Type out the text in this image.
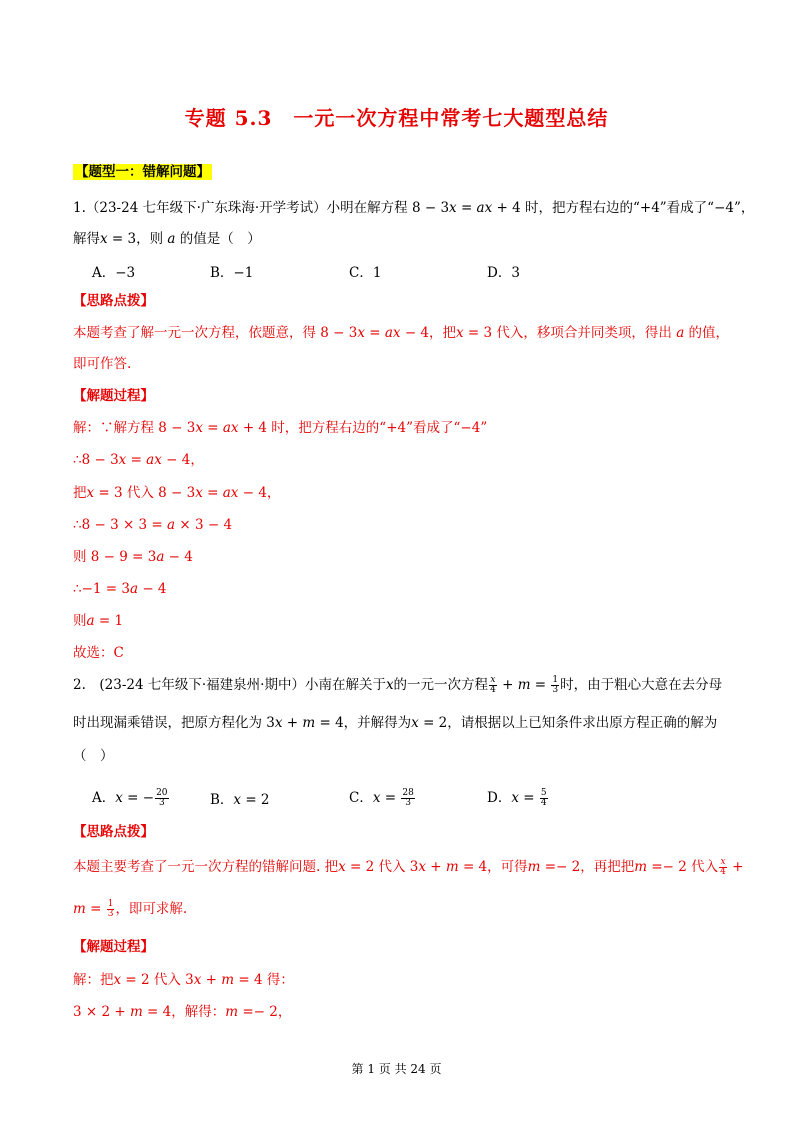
专题 5.3　一元一次方程中常考七大题型总结
【题型一：错解问题】
1.（23-24 七年级下·广东珠海·开学考试）小明在解方程 8 − 3𝑥 = 𝑎𝑥 + 4 时，把方程右边的“+4”看成了“−4”，
解得𝑥 = 3，则 𝑎 的值是（　）
A．−3	B．−1	C．1	D．3
【思路点拨】
本题考查了解一元一次方程，依题意，得 8 − 3𝑥 = 𝑎𝑥 − 4，把𝑥 = 3 代入，移项合并同类项，得出 𝑎 的值，
即可作答.
【解题过程】
解：∵解方程 8 − 3𝑥 = 𝑎𝑥 + 4 时，把方程右边的“+4”看成了“−4”
∴8 − 3𝑥 = 𝑎𝑥 − 4，
把𝑥 = 3 代入 8 − 3𝑥 = 𝑎𝑥 − 4，
∴8 − 3 × 3 = 𝑎 × 3 − 4
则 8 − 9 = 3𝑎 − 4
∴−1 = 3𝑎 − 4
则𝑎 = 1
故选：C
2.　(23-24 七年级下·福建泉州·期中）小南在解关于𝑥的一元一次方程 $\frac{\text{𝑥}}{4}$ + 𝑚 = $\frac{1}{3}$ 时，由于粗心大意在去分母
时出现漏乘错误，把原方程化为 3𝑥 + 𝑚 = 4，并解得为𝑥 = 2，请根据以上已知条件求出原方程正确的解为
（　）
A．𝑥 = − $\frac{20}{3}$	B．𝑥 = 2	C．𝑥 = $\frac{28}{3}$	D．𝑥 = $\frac{5}{4}$
【思路点拨】
本题主要考查了一元一次方程的错解问题. 把𝑥 = 2 代入 3𝑥 + 𝑚 = 4，可得𝑚 =− 2，再把把𝑚 =− 2 代入 $\frac{\text{𝑥}}{4}$ +
𝑚 = $\frac{1}{3}$ ，即可求解.
【解题过程】
解：把𝑥 = 2 代入 3𝑥 + 𝑚 = 4 得：
3 × 2 + 𝑚 = 4，解得：𝑚 =− 2，
第 1 页 共 24 页
